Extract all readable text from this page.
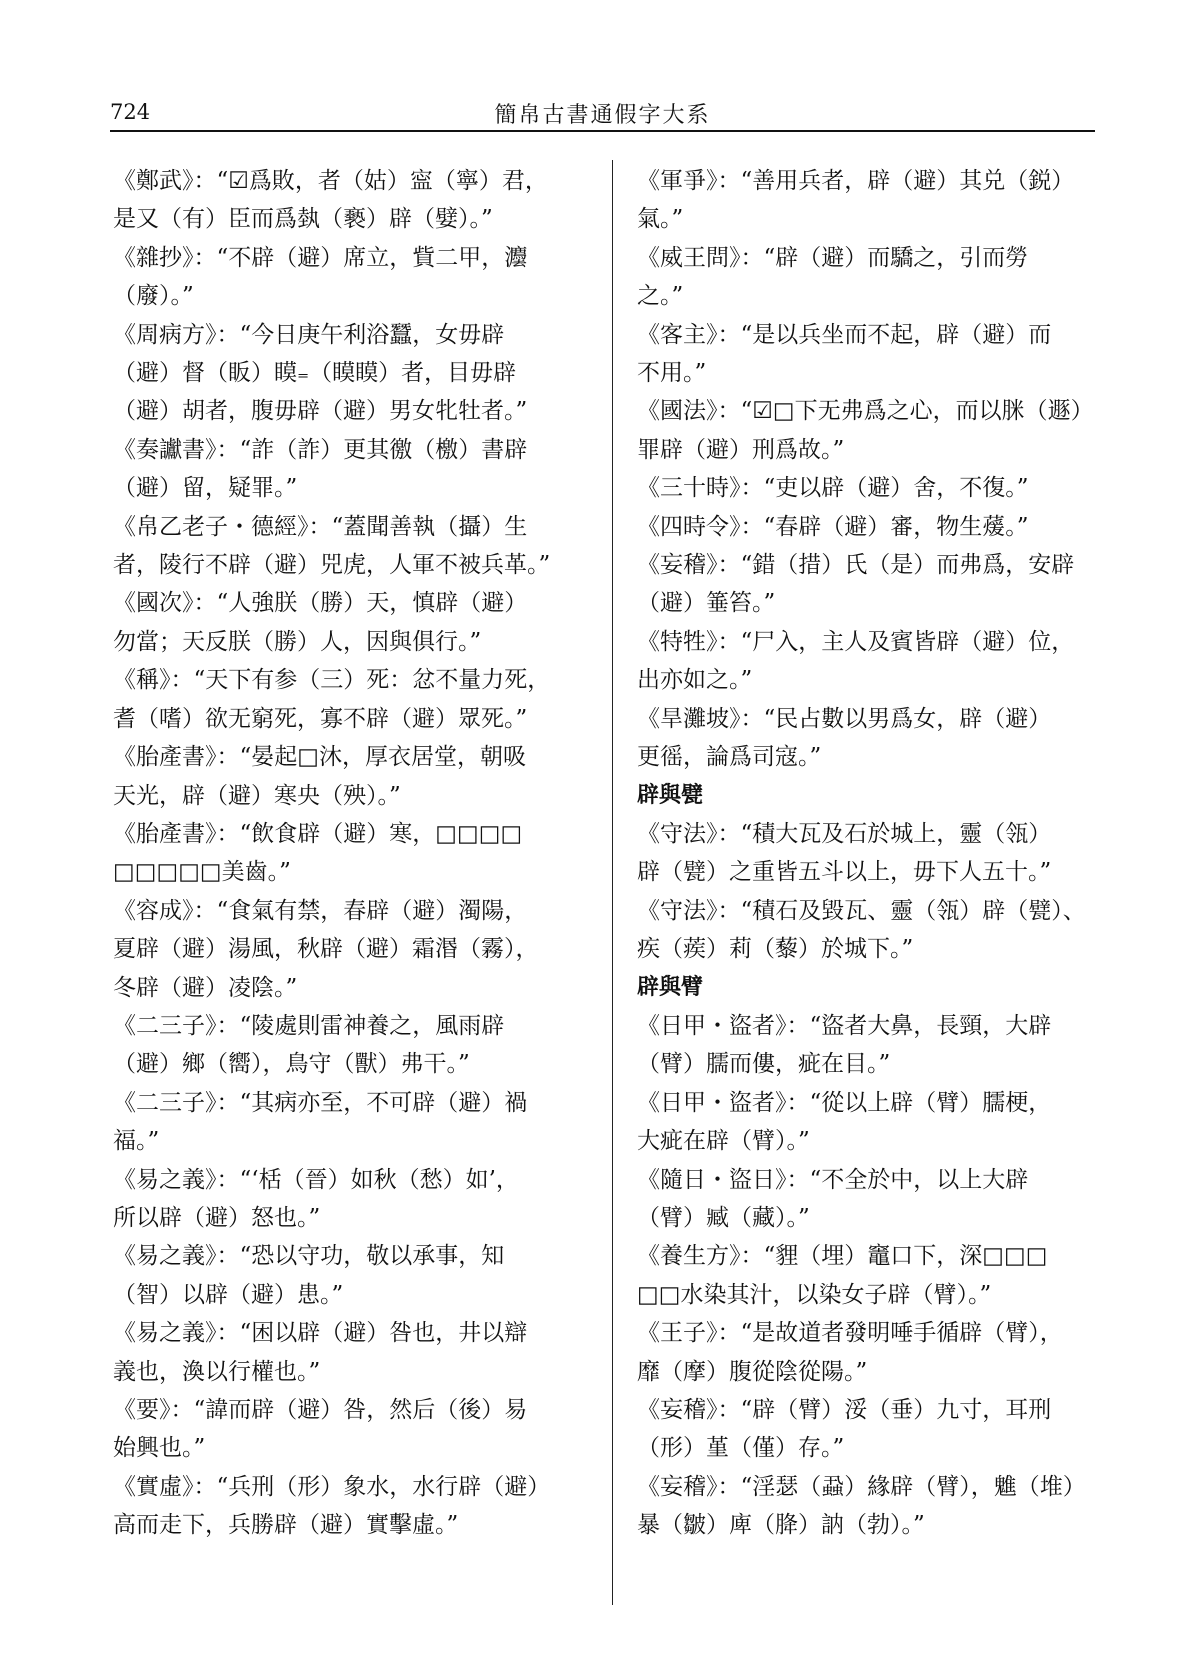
724	簡帛古書通假字大系

《鄭武》：“☑爲敗，者（姑）寍（寧）君，
是又（有）臣而爲埶（褻）辟（嬖）。”

《雜抄》：“不辟（避）席立，貲二甲，灋
（廢）。”

《周病方》：“今日庚午利浴蠶，女毋辟
（避）督（眅）瞙₌（瞙瞙）者，目毋辟
（避）胡者，腹毋辟（避）男女牝牡者。”

《奏讞書》：“詐（詐）更其徼（檄）書辟
（避）留，疑罪。”

《帛乙老子・德經》：“蓋聞善執（攝）生
者，陵行不辟（避）兕虎，人軍不被兵革。”

《國次》：“人強朕（勝）天，慎辟（避）
勿當；天反朕（勝）人，因與俱行。”

《稱》：“天下有参（三）死：忿不量力死，
耆（嗜）欲无窮死，寡不辟（避）眾死。”

《胎產書》：“晏起□沐，厚衣居堂，朝吸
天光，辟（避）寒央（殃）。”

《胎產書》：“飲食辟（避）寒，□□□□
□□□□□美齒。”

《容成》：“食氣有禁，春辟（避）濁陽，
夏辟（避）湯風，秋辟（避）霜湣（霧），
冬辟（避）凌陰。”

《二三子》：“陵處則雷神養之，風雨辟
（避）鄉（嚮），鳥守（獸）弗干。”

《二三子》：“其病亦至，不可辟（避）禍
福。”

《易之義》：“‘栝（晉）如秋（愁）如’，
所以辟（避）怒也。”

《易之義》：“恐以守功，敬以承事，知
（智）以辟（避）患。”

《易之義》：“困以辟（避）咎也，井以辯
義也，渙以行權也。”

《要》：“諱而辟（避）咎，然后（後）易
始興也。”

《實虛》：“兵刑（形）象水，水行辟（避）
高而走下，兵勝辟（避）實擊虛。”

《軍爭》：“善用兵者，辟（避）其兑（鋭）
氣。”

《威王問》：“辟（避）而驕之，引而勞
之。”

《客主》：“是以兵坐而不起，辟（避）而
不用。”

《國法》：“☑□下无弗爲之心，而以脒（遯）
罪辟（避）刑爲故。”

《三十時》：“吏以辟（避）舍，不復。”

《四時令》：“春辟（避）審，物生蕿。”

《妄稽》：“錯（措）氏（是）而弗爲，安辟
（避）箠笞。”

《特牲》：“尸入，主人及賓皆辟（避）位，
出亦如之。”

《旱灘坡》：“民占數以男爲女，辟（避）
更徭，論爲司寇。”

辟與甓

《守法》：“積大瓦及石於城上，靈（瓴）
辟（甓）之重皆五斗以上，毋下人五十。”

《守法》：“積石及毀瓦、靈（瓴）辟（甓）、
疾（蒺）莉（藜）於城下。”

辟與臂

《日甲・盜者》：“盜者大鼻，長頸，大辟
（臂）臑而僂，疵在目。”

《日甲・盜者》：“從以上辟（臂）臑梗，
大疵在辟（臂）。”

《隨日・盜日》：“不全於中，以上大辟
（臂）臧（藏）。”

《養生方》：“貍（埋）竈口下，深□□□
□□水染其汁，以染女子辟（臂）。”

《王子》：“是故道者發明唾手循辟（臂），
靡（摩）腹從陰從陽。”

《妄稽》：“辟（臂）浽（垂）九寸，耳刑
（形）堇（僅）存。”

《妄稽》：“淫瑟（蝨）緣辟（臂），魋（堆）
暴（皺）庳（胮）訥（勃）。”
